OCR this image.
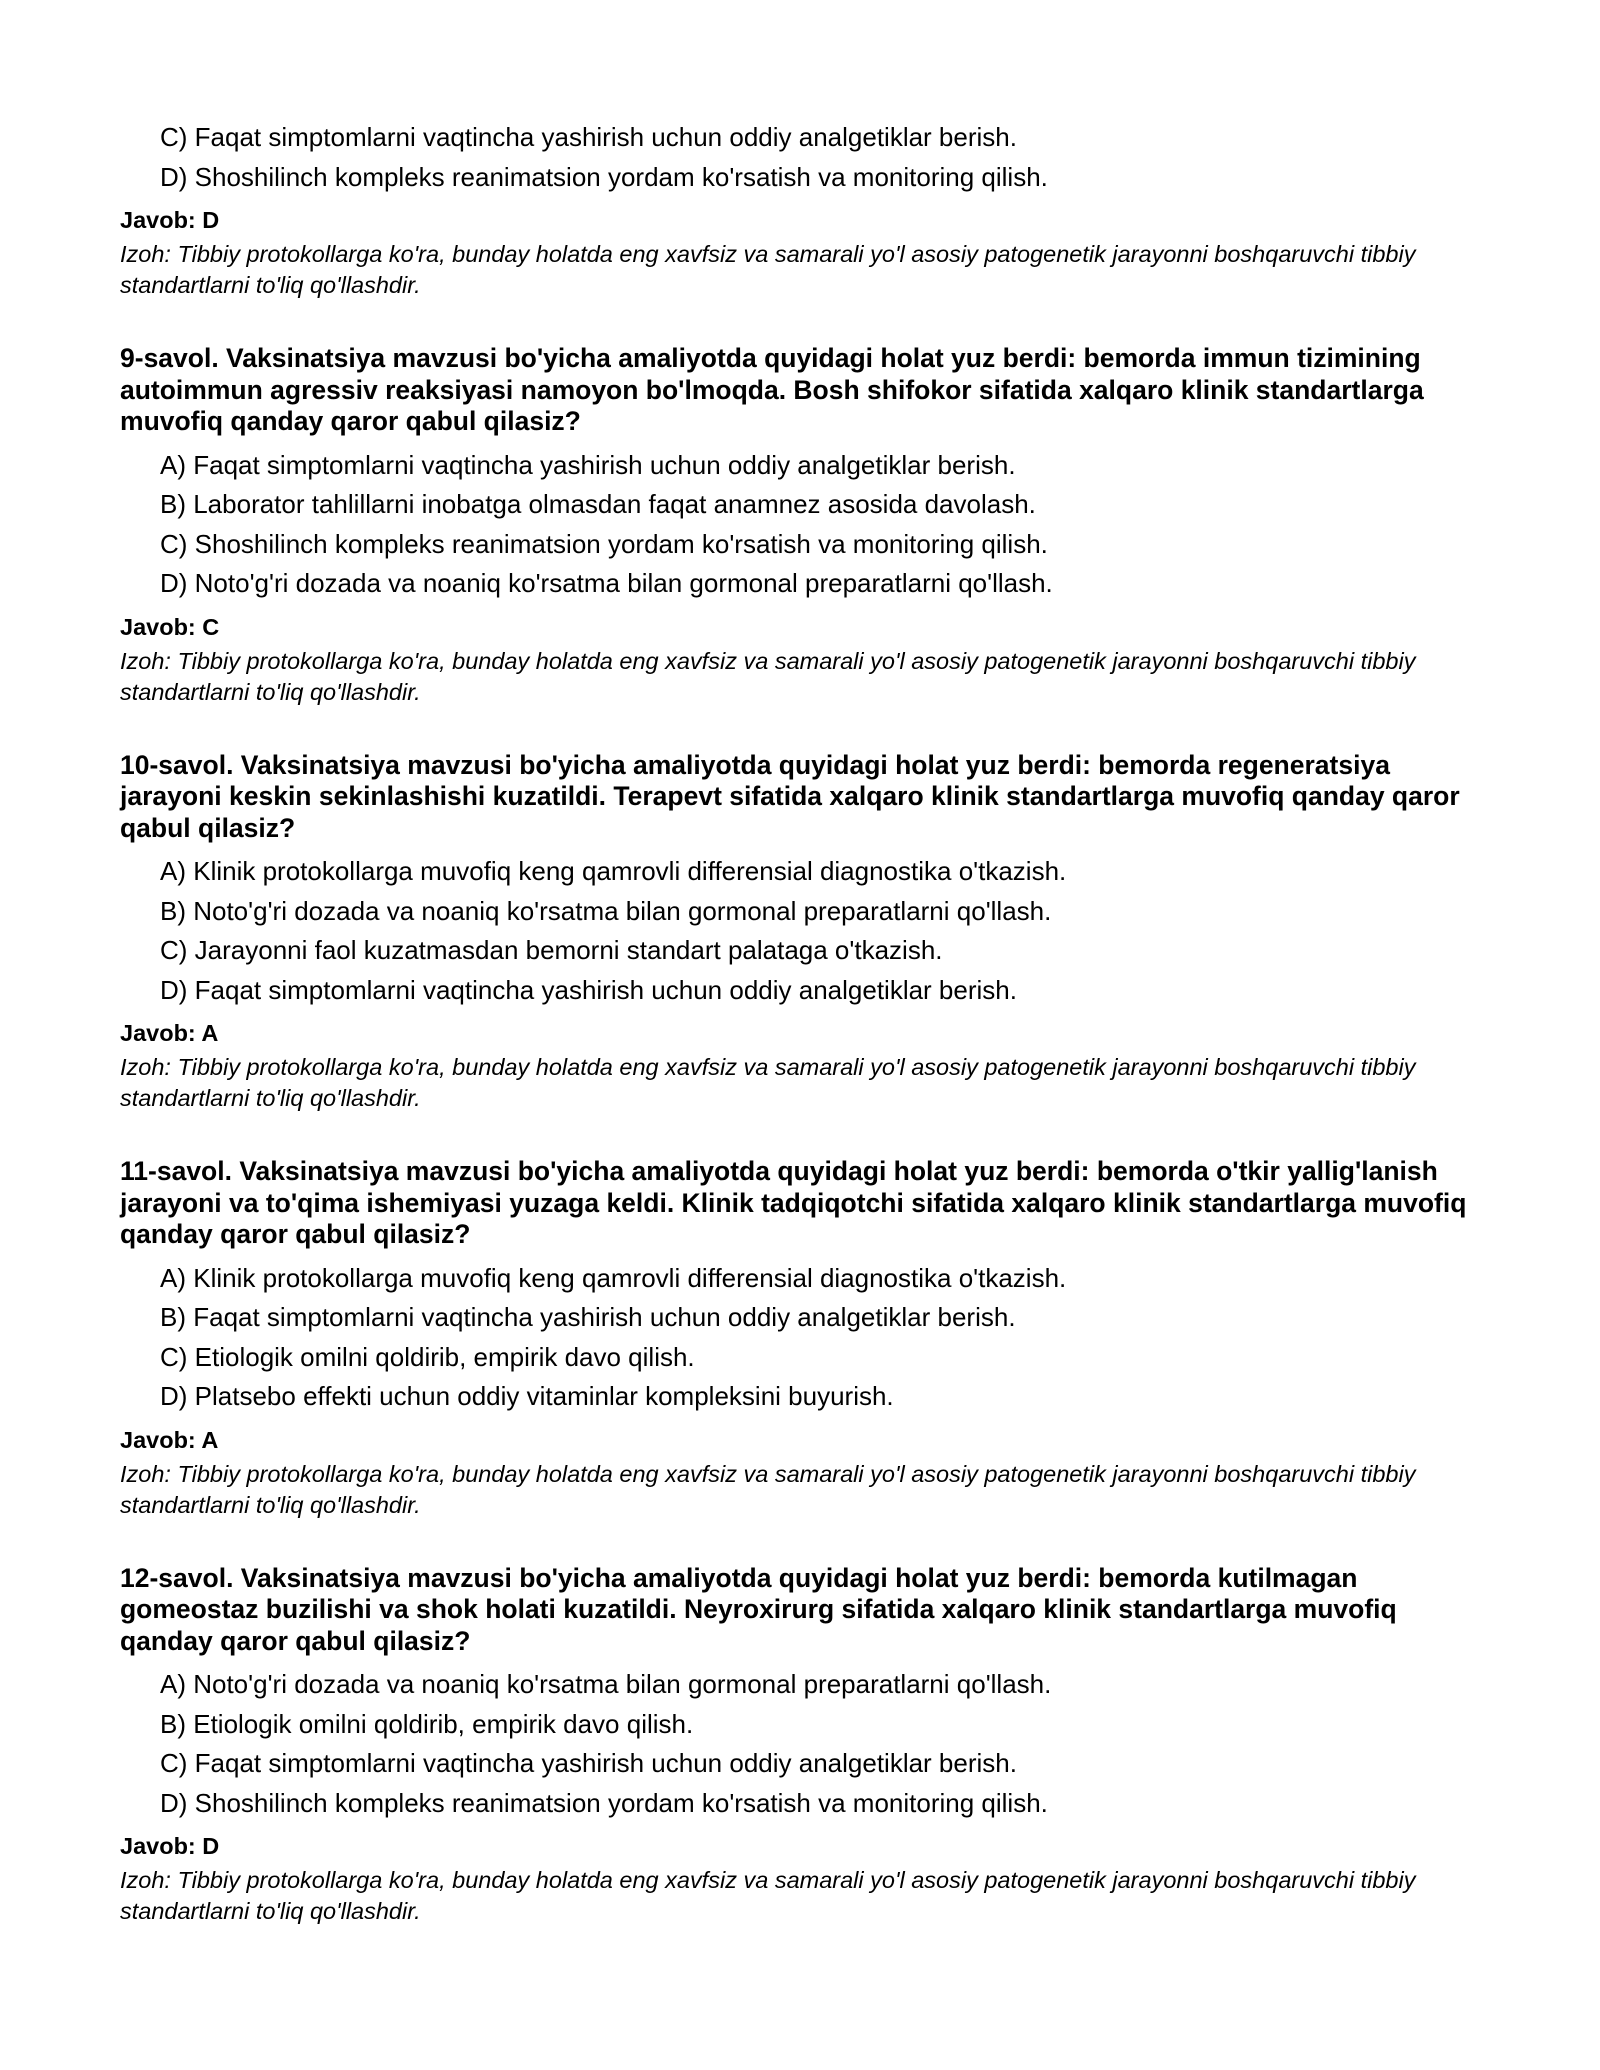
C) Faqat simptomlarni vaqtincha yashirish uchun oddiy analgetiklar berish.
D) Shoshilinch kompleks reanimatsion yordam ko'rsatish va monitoring qilish.
Javob: D
Izoh: Tibbiy protokollarga ko'ra, bunday holatda eng xavfsiz va samarali yo'l asosiy patogenetik jarayonni boshqaruvchi tibbiy standartlarni to'liq qo'llashdir.
9-savol. Vaksinatsiya mavzusi bo'yicha amaliyotda quyidagi holat yuz berdi: bemorda immun tizimining autoimmun agressiv reaksiyasi namoyon bo'lmoqda. Bosh shifokor sifatida xalqaro klinik standartlarga muvofiq qanday qaror qabul qilasiz?
A) Faqat simptomlarni vaqtincha yashirish uchun oddiy analgetiklar berish.
B) Laborator tahlillarni inobatga olmasdan faqat anamnez asosida davolash.
C) Shoshilinch kompleks reanimatsion yordam ko'rsatish va monitoring qilish.
D) Noto'g'ri dozada va noaniq ko'rsatma bilan gormonal preparatlarni qo'llash.
Javob: C
Izoh: Tibbiy protokollarga ko'ra, bunday holatda eng xavfsiz va samarali yo'l asosiy patogenetik jarayonni boshqaruvchi tibbiy standartlarni to'liq qo'llashdir.
10-savol. Vaksinatsiya mavzusi bo'yicha amaliyotda quyidagi holat yuz berdi: bemorda regeneratsiya jarayoni keskin sekinlashishi kuzatildi. Terapevt sifatida xalqaro klinik standartlarga muvofiq qanday qaror qabul qilasiz?
A) Klinik protokollarga muvofiq keng qamrovli differensial diagnostika o'tkazish.
B) Noto'g'ri dozada va noaniq ko'rsatma bilan gormonal preparatlarni qo'llash.
C) Jarayonni faol kuzatmasdan bemorni standart palataga o'tkazish.
D) Faqat simptomlarni vaqtincha yashirish uchun oddiy analgetiklar berish.
Javob: A
Izoh: Tibbiy protokollarga ko'ra, bunday holatda eng xavfsiz va samarali yo'l asosiy patogenetik jarayonni boshqaruvchi tibbiy standartlarni to'liq qo'llashdir.
11-savol. Vaksinatsiya mavzusi bo'yicha amaliyotda quyidagi holat yuz berdi: bemorda o'tkir yallig'lanish jarayoni va to'qima ishemiyasi yuzaga keldi. Klinik tadqiqotchi sifatida xalqaro klinik standartlarga muvofiq qanday qaror qabul qilasiz?
A) Klinik protokollarga muvofiq keng qamrovli differensial diagnostika o'tkazish.
B) Faqat simptomlarni vaqtincha yashirish uchun oddiy analgetiklar berish.
C) Etiologik omilni qoldirib, empirik davo qilish.
D) Platsebo effekti uchun oddiy vitaminlar kompleksini buyurish.
Javob: A
Izoh: Tibbiy protokollarga ko'ra, bunday holatda eng xavfsiz va samarali yo'l asosiy patogenetik jarayonni boshqaruvchi tibbiy standartlarni to'liq qo'llashdir.
12-savol. Vaksinatsiya mavzusi bo'yicha amaliyotda quyidagi holat yuz berdi: bemorda kutilmagan gomeostaz buzilishi va shok holati kuzatildi. Neyroxirurg sifatida xalqaro klinik standartlarga muvofiq qanday qaror qabul qilasiz?
A) Noto'g'ri dozada va noaniq ko'rsatma bilan gormonal preparatlarni qo'llash.
B) Etiologik omilni qoldirib, empirik davo qilish.
C) Faqat simptomlarni vaqtincha yashirish uchun oddiy analgetiklar berish.
D) Shoshilinch kompleks reanimatsion yordam ko'rsatish va monitoring qilish.
Javob: D
Izoh: Tibbiy protokollarga ko'ra, bunday holatda eng xavfsiz va samarali yo'l asosiy patogenetik jarayonni boshqaruvchi tibbiy standartlarni to'liq qo'llashdir.
